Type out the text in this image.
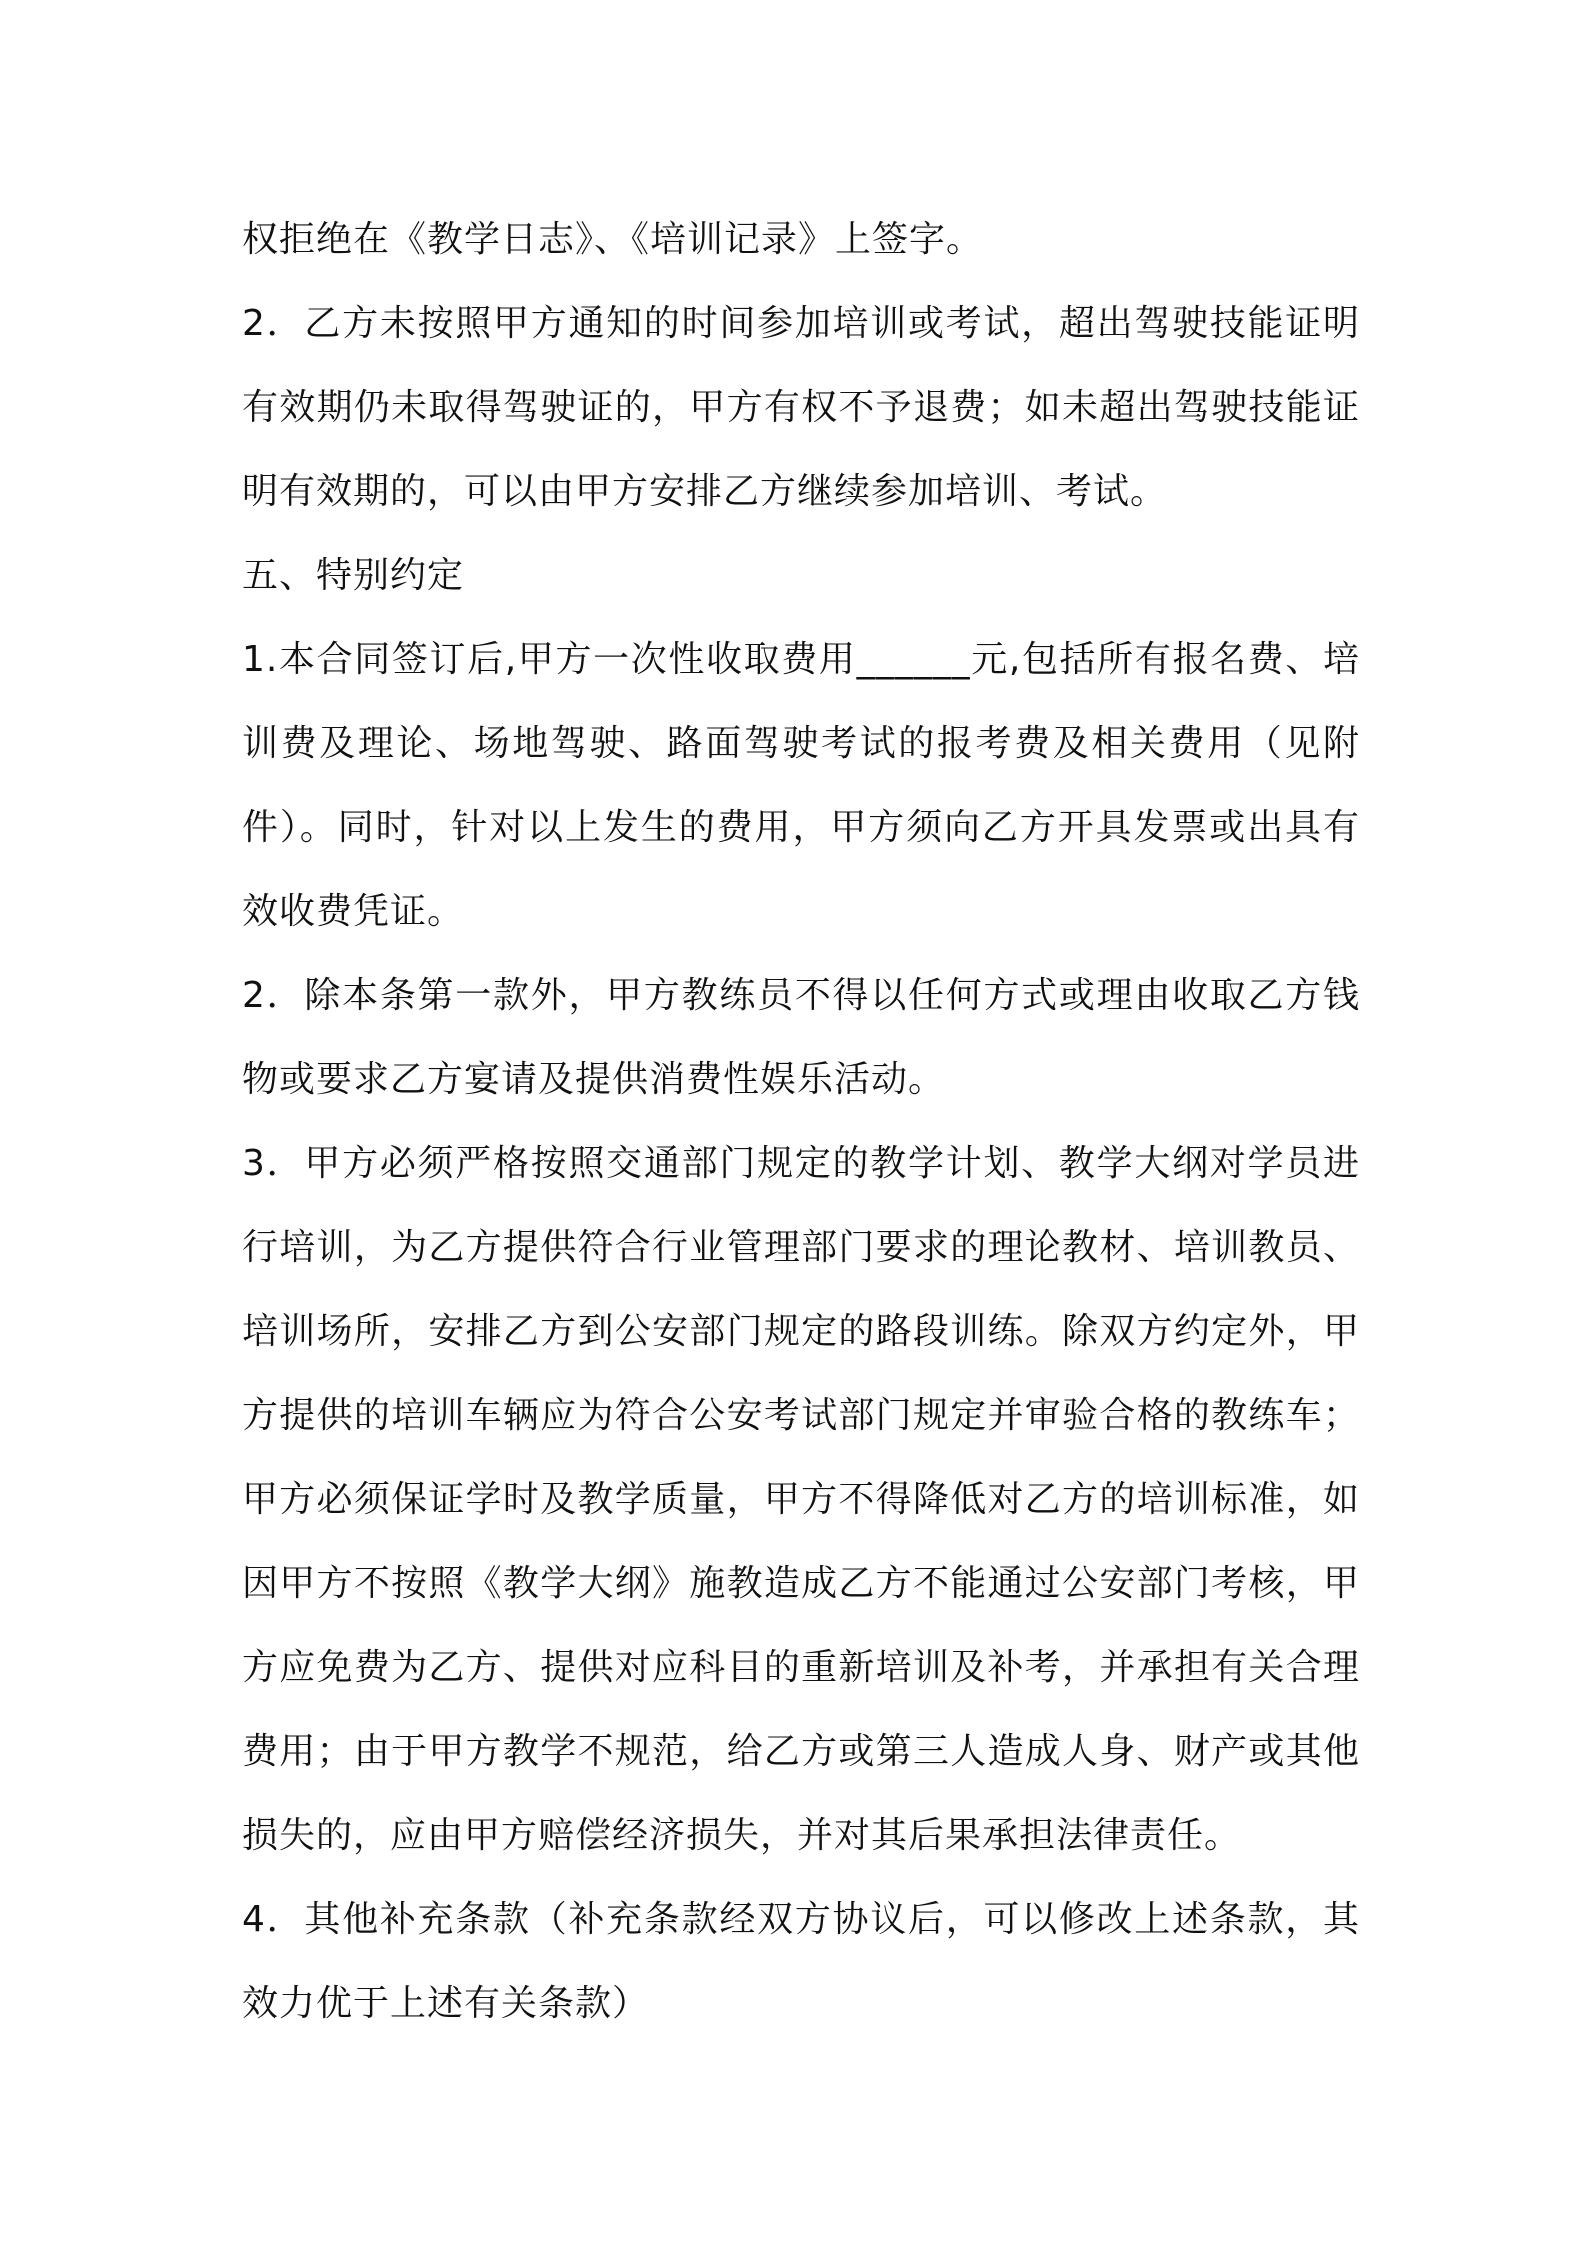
权拒绝在《教学日志》、《培训记录》上签字。

2．乙方未按照甲方通知的时间参加培训或考试，超出驾驶技能证明有效期仍未取得驾驶证的，甲方有权不予退费；如未超出驾驶技能证明有效期的，可以由甲方安排乙方继续参加培训、考试。

五、特别约定

1.本合同签订后,甲方一次性收取费用______元,包括所有报名费、培训费及理论、场地驾驶、路面驾驶考试的报考费及相关费用（见附件）。同时，针对以上发生的费用，甲方须向乙方开具发票或出具有效收费凭证。

2．除本条第一款外，甲方教练员不得以任何方式或理由收取乙方钱物或要求乙方宴请及提供消费性娱乐活动。

3．甲方必须严格按照交通部门规定的教学计划、教学大纲对学员进行培训，为乙方提供符合行业管理部门要求的理论教材、培训教员、培训场所，安排乙方到公安部门规定的路段训练。除双方约定外，甲方提供的培训车辆应为符合公安考试部门规定并审验合格的教练车；甲方必须保证学时及教学质量，甲方不得降低对乙方的培训标准，如因甲方不按照《教学大纲》施教造成乙方不能通过公安部门考核，甲方应免费为乙方、提供对应科目的重新培训及补考，并承担有关合理费用；由于甲方教学不规范，给乙方或第三人造成人身、财产或其他损失的，应由甲方赔偿经济损失，并对其后果承担法律责任。

4．其他补充条款（补充条款经双方协议后，可以修改上述条款，其效力优于上述有关条款）
